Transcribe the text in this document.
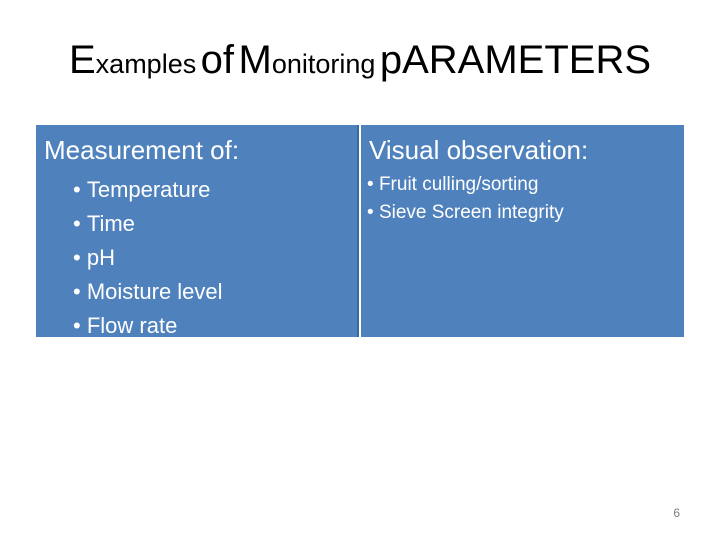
Examples of Monitoring pARAMETERS
Measurement of:
• Temperature
• Time
• pH
• Moisture level
• Flow rate
Visual observation:
• Fruit culling/sorting
• Sieve Screen integrity
6
